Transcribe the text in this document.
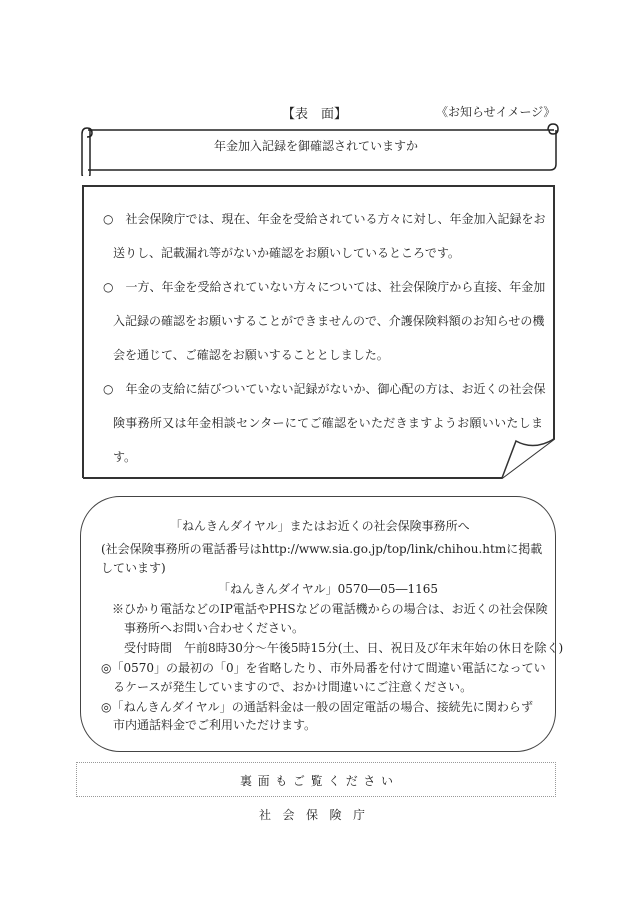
【表　面】	《お知らせイメージ》
年金加入記録を御確認されていますか
○　社会保険庁では、現在、年金を受給されている方々に対し、年金加入記録をお
送りし、記載漏れ等がないか確認をお願いしているところです。
○　一方、年金を受給されていない方々については、社会保険庁から直接、年金加
入記録の確認をお願いすることができませんので、介護保険料額のお知らせの機
会を通じて、ご確認をお願いすることとしました。
○　年金の支給に結びついていない記録がないか、御心配の方は、お近くの社会保
険事務所又は年金相談センターにてご確認をいただきますようお願いいたしま
す。
「ねんきんダイヤル」またはお近くの社会保険事務所へ
(社会保険事務所の電話番号はhttp://www.sia.go.jp/top/link/chihou.htmに掲載
しています)
「ねんきんダイヤル」0570―05―1165
※ひかり電話などのIP電話やPHSなどの電話機からの場合は、お近くの社会保険
事務所へお問い合わせください。
受付時間　午前8時30分～午後5時15分(土、日、祝日及び年末年始の休日を除く)
◎「0570」の最初の「0」を省略したり、市外局番を付けて間違い電話になってい
るケースが発生していますので、おかけ間違いにご注意ください。
◎「ねんきんダイヤル」の通話料金は一般の固定電話の場合、接続先に関わらず
市内通話料金でご利用いただけます。
裏面もご覧ください
社会保険庁
